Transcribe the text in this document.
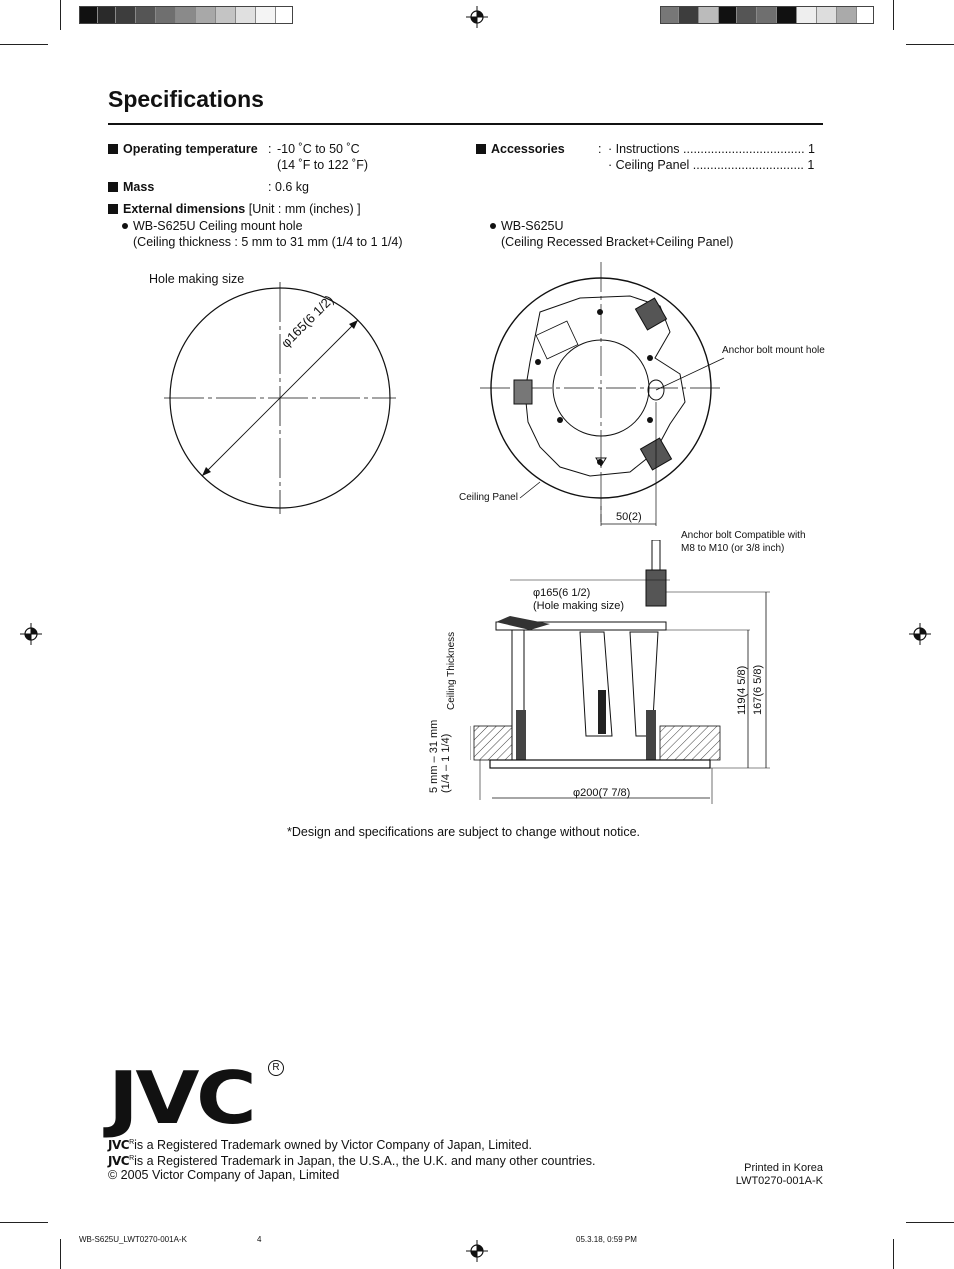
Specifications
Operating temperature : -10 ˚C to 50 ˚C
(14 ˚F to 122 ˚F)
Mass	: 0.6 kg
External dimensions [Unit : mm (inches) ]
WB-S625U Ceiling mount hole
(Ceiling thickness : 5 mm to 31 mm (1/4 to 1 1/4)
Accessories	: · Instructions ................................... 1
· Ceiling Panel ................................ 1
WB-S625U
(Ceiling Recessed Bracket+Ceiling Panel)
Hole making size
φ165(6 1/2)	Anchor bolt mount hole
Ceiling Panel
50(2)
Anchor bolt Compatible with
M8 to M10 (or 3/8 inch)
φ165(6 1/2)
(Hole making size)
Ceiling Thickness
5 mm – 31 mm (1/4 – 1 1/4)
119(4 5/8) 167(6 5/8)
φ200(7 7/8)
*Design and specifications are subject to change without notice.
JVC	R
$JVC^Ris$ a Registered Trademark owned by Victor Company of Japan, Limited.
$JVC^Ris$ a Registered Trademark in Japan, the U.S.A., the U.K. and many other countries.
© 2005 Victor Company of Japan, Limited	Printed in Korea
LWT0270-001A-K
WB-S625U_LWT0270-001A-K	4	05.3.18, 0:59 PM
